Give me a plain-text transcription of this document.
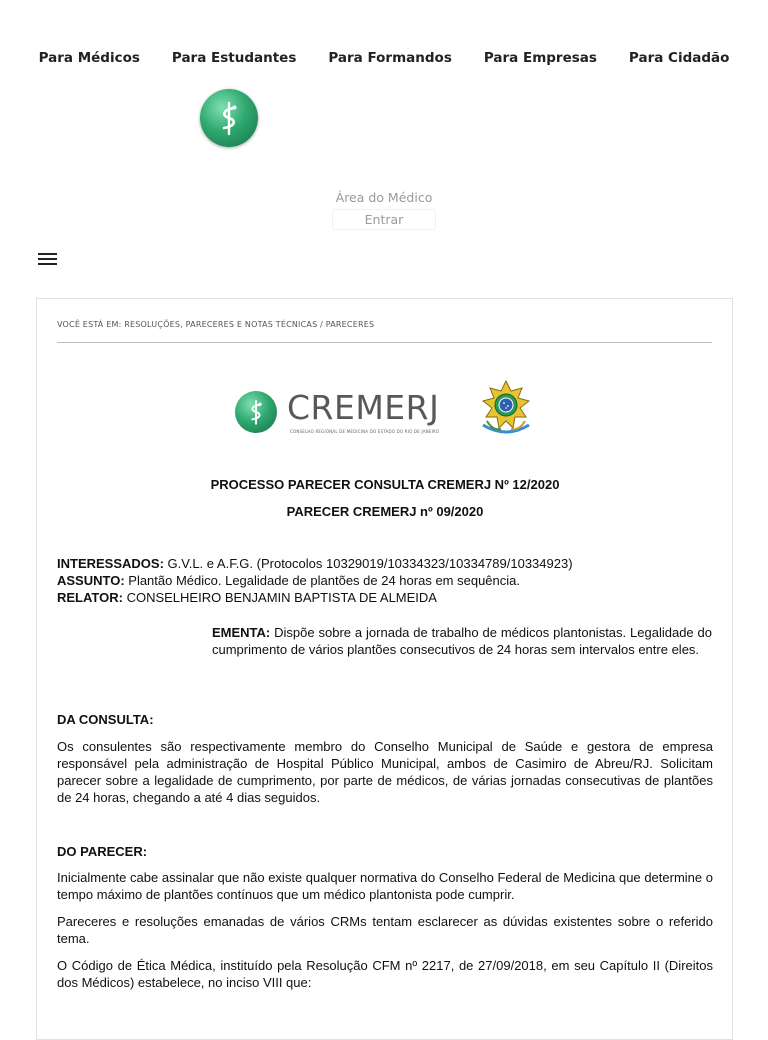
Para Médicos	Para Estudantes	Para Formandos	Para Empresas	Para Cidadão
Área do Médico
Entrar
VOCÊ ESTÁ EM: RESOLUÇÕES, PARECERES E NOTAS TÉCNICAS / PARECERES
CREMERJ
CONSELHO REGIONAL DE MEDICINA DO ESTADO DO RIO DE JANEIRO
PROCESSO PARECER CONSULTA CREMERJ Nº 12/2020
PARECER CREMERJ nº 09/2020
INTERESSADOS: G.V.L. e A.F.G. (Protocolos 10329019/10334323/10334789/10334923)
ASSUNTO: Plantão Médico. Legalidade de plantões de 24 horas em sequência.
RELATOR: CONSELHEIRO BENJAMIN BAPTISTA DE ALMEIDA
EMENTA: Dispõe sobre a jornada de trabalho de médicos plantonistas. Legalidade do cumprimento de vários plantões consecutivos de 24 horas sem intervalos entre eles.
DA CONSULTA:
Os consulentes são respectivamente membro do Conselho Municipal de Saúde e gestora de empresa responsável pela administração de Hospital Público Municipal, ambos de Casimiro de Abreu/RJ. Solicitam parecer sobre a legalidade de cumprimento, por parte de médicos, de várias jornadas consecutivas de plantões de 24 horas, chegando a até 4 dias seguidos.
DO PARECER:
Inicialmente cabe assinalar que não existe qualquer normativa do Conselho Federal de Medicina que determine o tempo máximo de plantões contínuos que um médico plantonista pode cumprir.
Pareceres e resoluções emanadas de vários CRMs tentam esclarecer as dúvidas existentes sobre o referido tema.
O Código de Ética Médica, instituído pela Resolução CFM nº 2217, de 27/09/2018, em seu Capítulo II (Direitos dos Médicos) estabelece, no inciso VIII que:
